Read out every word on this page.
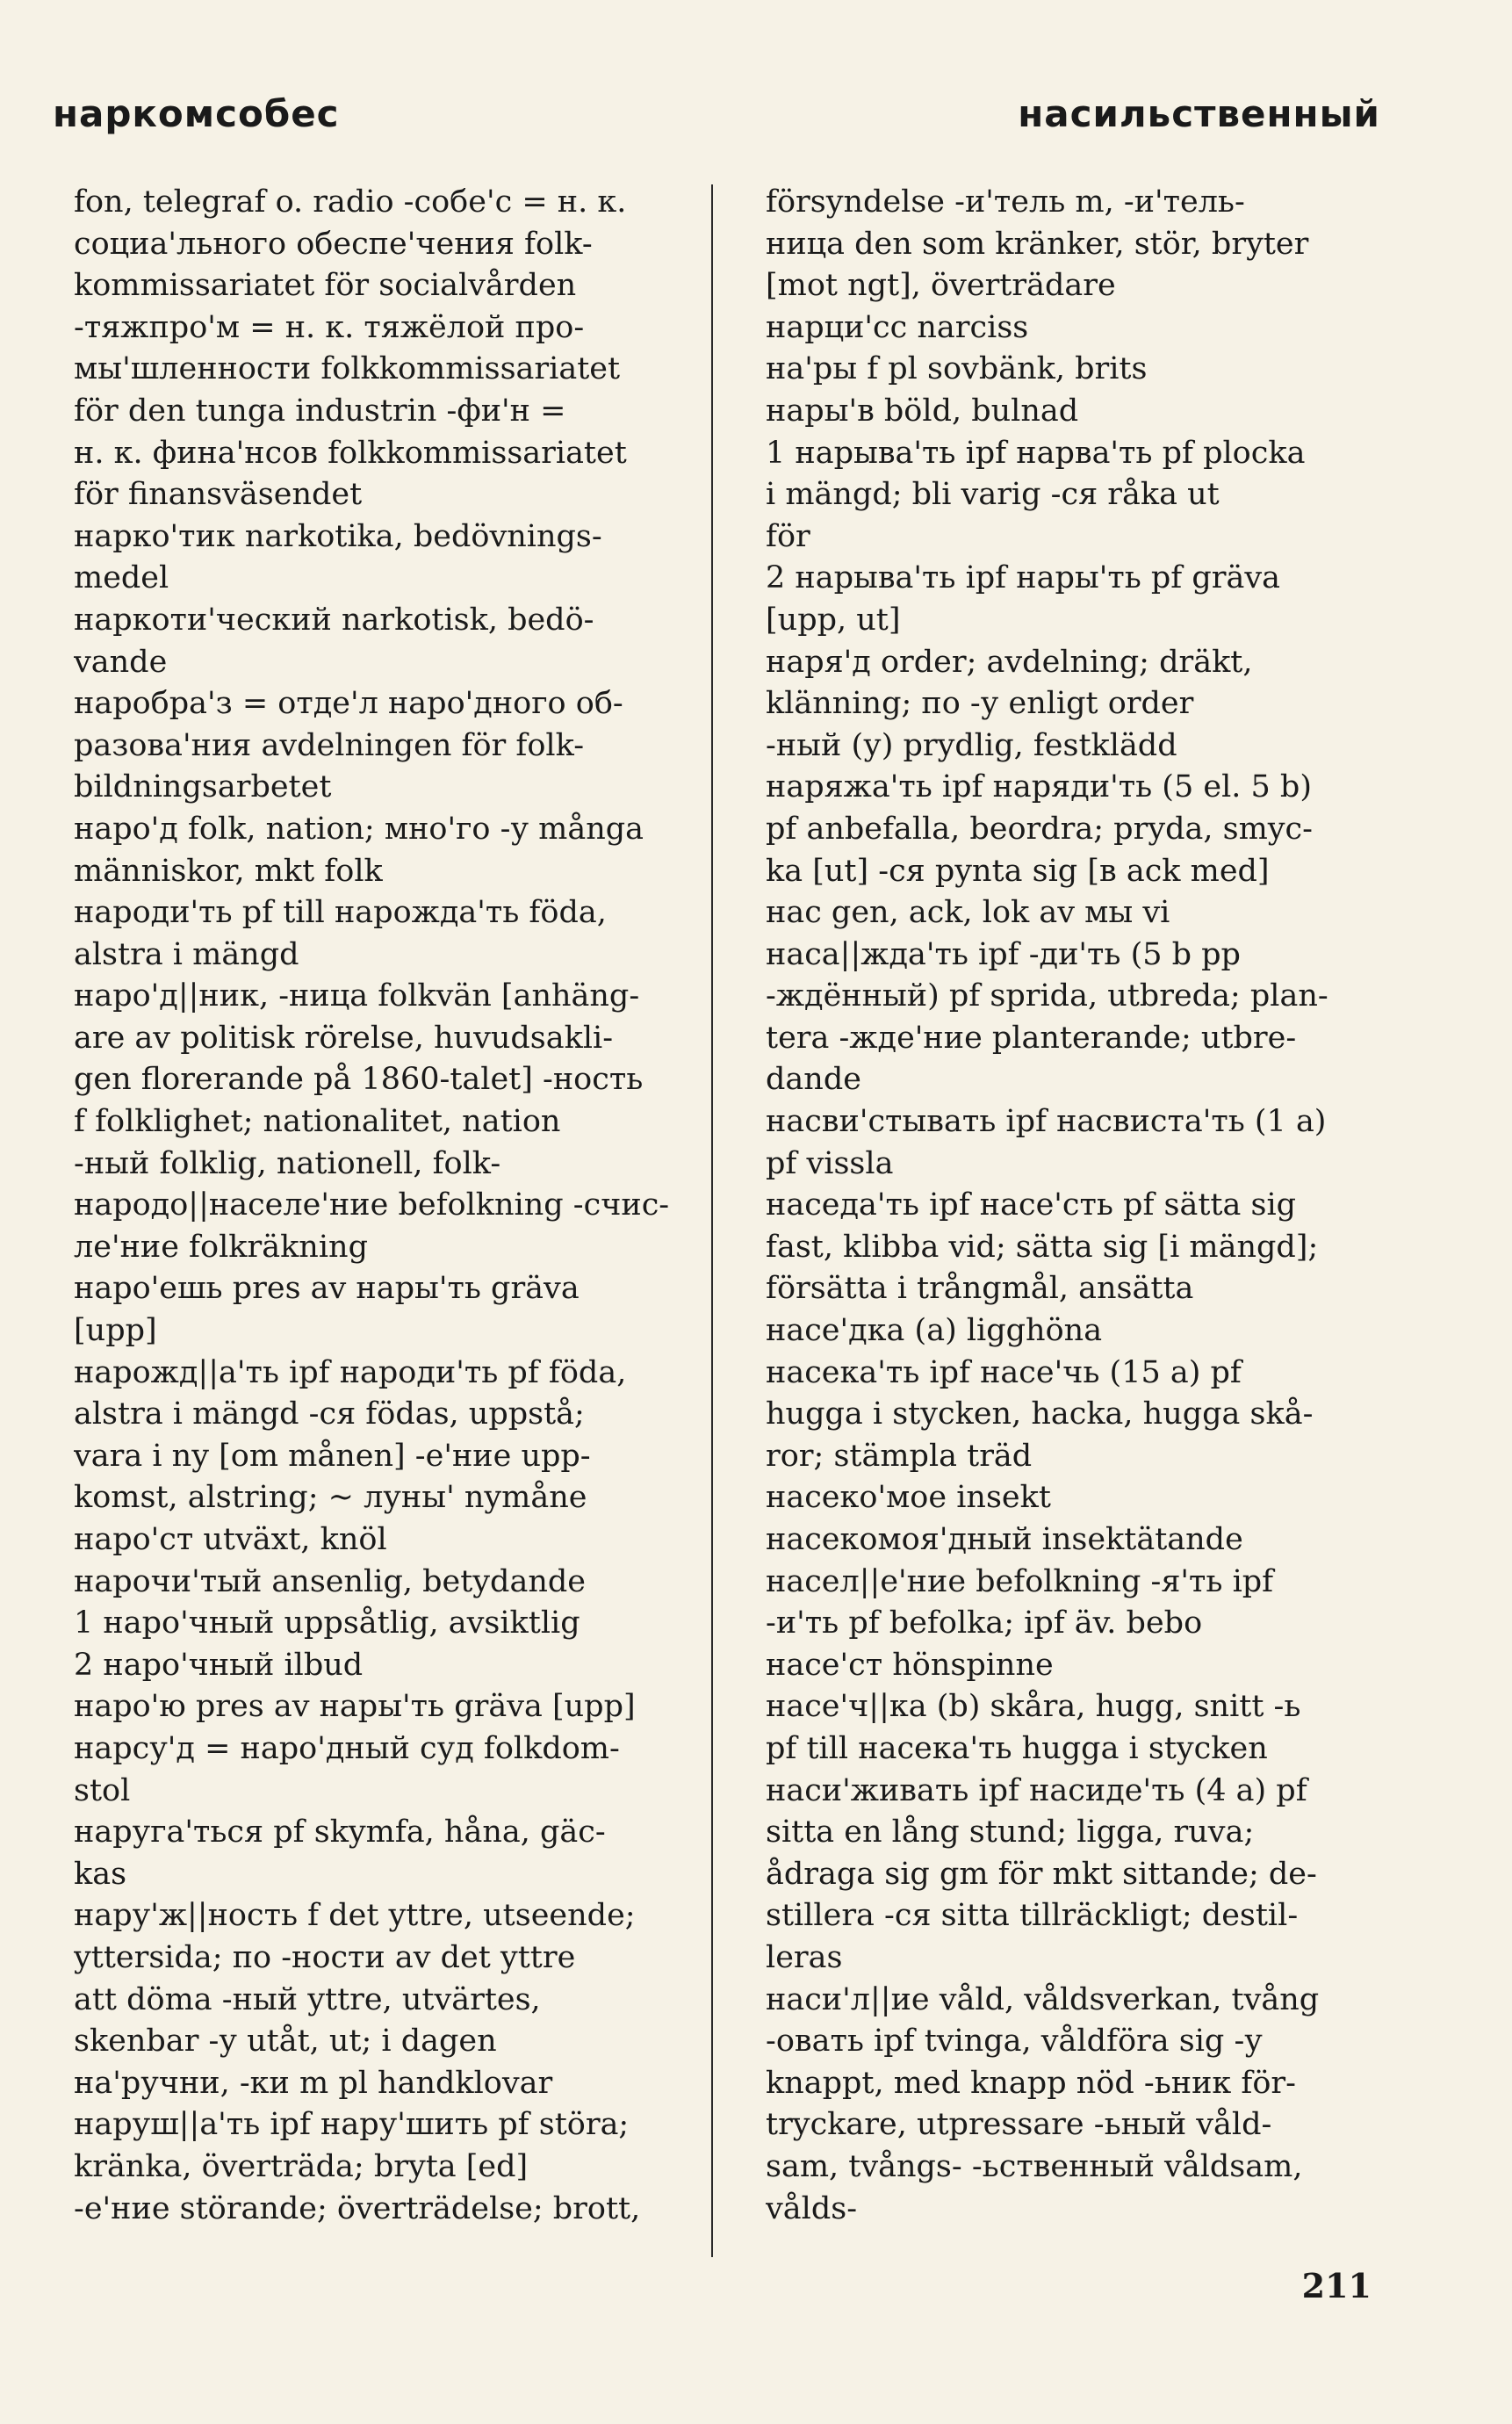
наркомсобес	насильственный
fon, telegraf o. radio -собе'с = н. к.
социа'льного обеспе'чения folk-
kommissariatet för socialvården
-тяжпро'м = н. к. тяжёлой про-
мы'шленности folkkommissariatet
för den tunga industrin -фи'н =
н. к. фина'нсов folkkommissariatet
för finansväsendet
нарко'тик narkotika, bedövnings-
medel
наркоти'ческий narkotisk, bedö-
vande
наробра'з = отде'л наро'дного об-
разова'ния avdelningen för folk-
bildningsarbetet
наро'д folk, nation; мно'го -у många
människor, mkt folk
народи'ть pf till нарожда'ть föda,
alstra i mängd
наро'д||ник, -ница folkvän [anhäng-
are av politisk rörelse, huvudsakli-
gen florerande på 1860-talet] -ность
f folklighet; nationalitet, nation
-ный folklig, nationell, folk-
народо||населе'ние befolkning -счис-
ле'ние folkräkning
наро'ешь pres av нары'ть gräva
[upp]
нарожд||а'ть ipf народи'ть pf föda,
alstra i mängd -ся födas, uppstå;
vara i ny [om månen] -е'ние upp-
komst, alstring; ~ луны' nymåne
наро'ст utväxt, knöl
нарочи'тый ansenlig, betydande
1 наро'чный uppsåtlig, avsiktlig
2 наро'чный ilbud
наро'ю pres av нары'ть gräva [upp]
нарсу'д = наро'дный суд folkdom-
stol
наруга'ться pf skymfa, håna, gäc-
kas
нару'ж||ность f det yttre, utseende;
yttersida; по -ности av det yttre
att döma -ный yttre, utvärtes,
skenbar -у utåt, ut; i dagen
на'ручни, -ки m pl handklovar
наруш||а'ть ipf нару'шить pf störa;
kränka, överträda; bryta [ed]
-е'ние störande; överträdelse; brott,
försyndelse -и'тель m, -и'тель-
ница den som kränker, stör, bryter
[mot ngt], överträdare
нарци'сс narciss
на'ры f pl sovbänk, brits
нары'в böld, bulnad
1 нарыва'ть ipf нарва'ть pf plocka
i mängd; bli varig -ся råka ut
för
2 нарыва'ть ipf нары'ть pf gräva
[upp, ut]
наря'д order; avdelning; dräkt,
klänning; по -у enligt order
-ный (у) prydlig, festklädd
наряжа'ть ipf наряди'ть (5 el. 5 b)
pf anbefalla, beordra; pryda, smyc-
ka [ut] -ся pynta sig [в ack med]
нас gen, ack, lok av мы vi
наса||жда'ть ipf -ди'ть (5 b pp
-ждённый) pf sprida, utbreda; plan-
tera -жде'ние planterande; utbre-
dande
насви'стывать ipf насвиста'ть (1 a)
pf vissla
наседа'ть ipf насе'сть pf sätta sig
fast, klibba vid; sätta sig [i mängd];
försätta i trångmål, ansätta
насе'дка (a) ligghöna
насека'ть ipf насе'чь (15 a) pf
hugga i stycken, hacka, hugga skå-
ror; stämpla träd
насеко'мое insekt
насекомоя'дный insektätande
насел||е'ние befolkning -я'ть ipf
-и'ть pf befolka; ipf äv. bebo
насе'ст hönspinne
насе'ч||ка (b) skåra, hugg, snitt -ь
pf till насека'ть hugga i stycken
наси'живать ipf насиде'ть (4 a) pf
sitta en lång stund; ligga, ruva;
ådraga sig gm för mkt sittande; de-
stillera -ся sitta tillräckligt; destil-
leras
наси'л||ие våld, våldsverkan, tvång
-овать ipf tvinga, våldföra sig -у
knappt, med knapp nöd -ьник för-
tryckare, utpressare -ьный våld-
sam, tvångs- -ьственный våldsam,
vålds-
211
